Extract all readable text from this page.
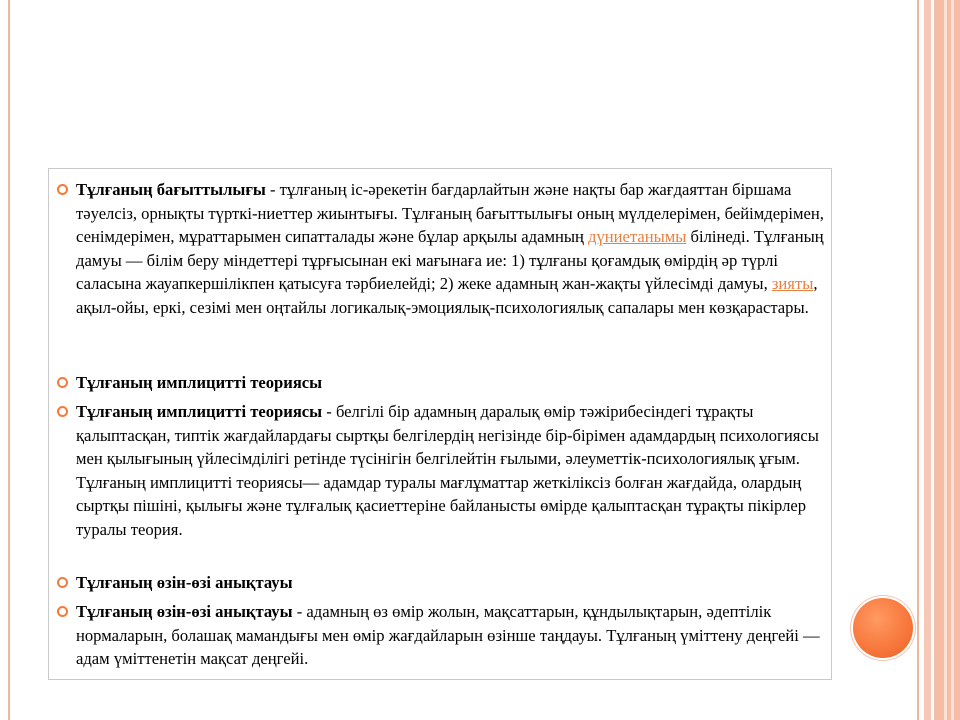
Тұлғаның бағыттылығы - тұлғаның іс-әрекетін бағдарлайтын және нақты бар жағдаяттан біршама тәуелсіз, орнықты түрткі-ниеттер жиынтығы. Тұлғаның бағыттылығы оның мүлделерімен, бейімдерімен, сенімдерімен, мұраттарымен сипатталады және бұлар арқылы адамның дүниетанымы білінеді. Тұлғаның дамуы — білім беру міндеттері тұрғысынан екі мағынаға ие: 1) тұлғаны қоғамдық өмірдің әр түрлі саласына жауапкершілікпен қатысуға тәрбиелейді; 2) жеке адамның жан-жақты үйлесімді дамуы, зияты, ақыл-ойы, еркі, сезімі мен оңтайлы логикалық-эмоциялық-психологиялық сапалары мен көзқарастары.

Тұлғаның имплицитті теориясы

Тұлғаның имплицитті теориясы - белгілі бір адамның даралық өмір тәжірибесіндегі тұрақты қалыптасқан, типтік жағдайлардағы сыртқы белгілердің негізінде бір-бірімен адамдардың психологиясы мен қылығының үйлесімділігі ретінде түсінігін белгілейтін ғылыми, әлеуметтік-психологиялық ұғым. Тұлғаның имплицитті теориясы— адамдар туралы мағлұматтар жеткіліксіз болған жағдайда, олардың сыртқы пішіні, қылығы және тұлғалық қасиеттеріне байланысты өмірде қалыптасқан тұрақты пікірлер туралы теория.

Тұлғаның өзін-өзі анықтауы

Тұлғаның өзін-өзі анықтауы - адамның өз өмір жолын, мақсаттарын, құндылықтарын, әдептілік нормаларын, болашақ мамандығы мен өмір жағдайларын өзінше таңдауы. Тұлғаның үміттену деңгейі — адам үміттенетін мақсат деңгейі.
